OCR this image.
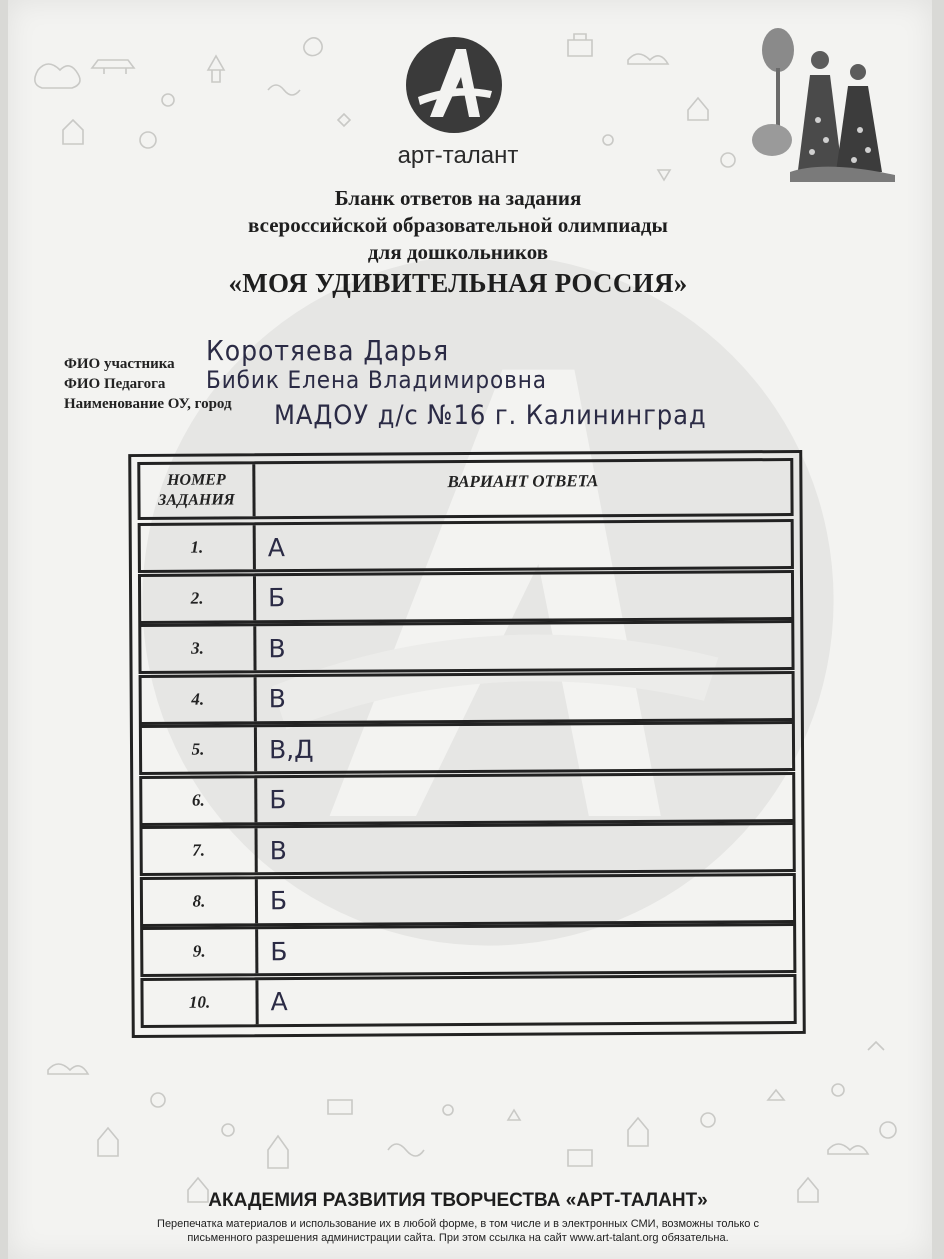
арт-талант
Бланк ответов на задания
всероссийской образовательной олимпиады
для дошкольников
«МОЯ УДИВИТЕЛЬНАЯ РОССИЯ»
ФИО участника Коротяева Дарья
ФИО Педагога Бибик Елена Владимировна
Наименование ОУ, город МАДОУ д/с №16 г. Калининград
НОМЕР
ЗАДАНИЯ
ВАРИАНТ ОТВЕТА
1.	А
2.	Б
3.	В
4.	В
5.	В,Д
6.	Б
7.	В
8.	Б
9.	Б
10.	А
АКАДЕМИЯ РАЗВИТИЯ ТВОРЧЕСТВА «АРТ-ТАЛАНТ»
Перепечатка материалов и использование их в любой форме, в том числе и в электронных СМИ, возможны только с
письменного разрешения администрации сайта. При этом ссылка на сайт www.art-talant.org обязательна.
